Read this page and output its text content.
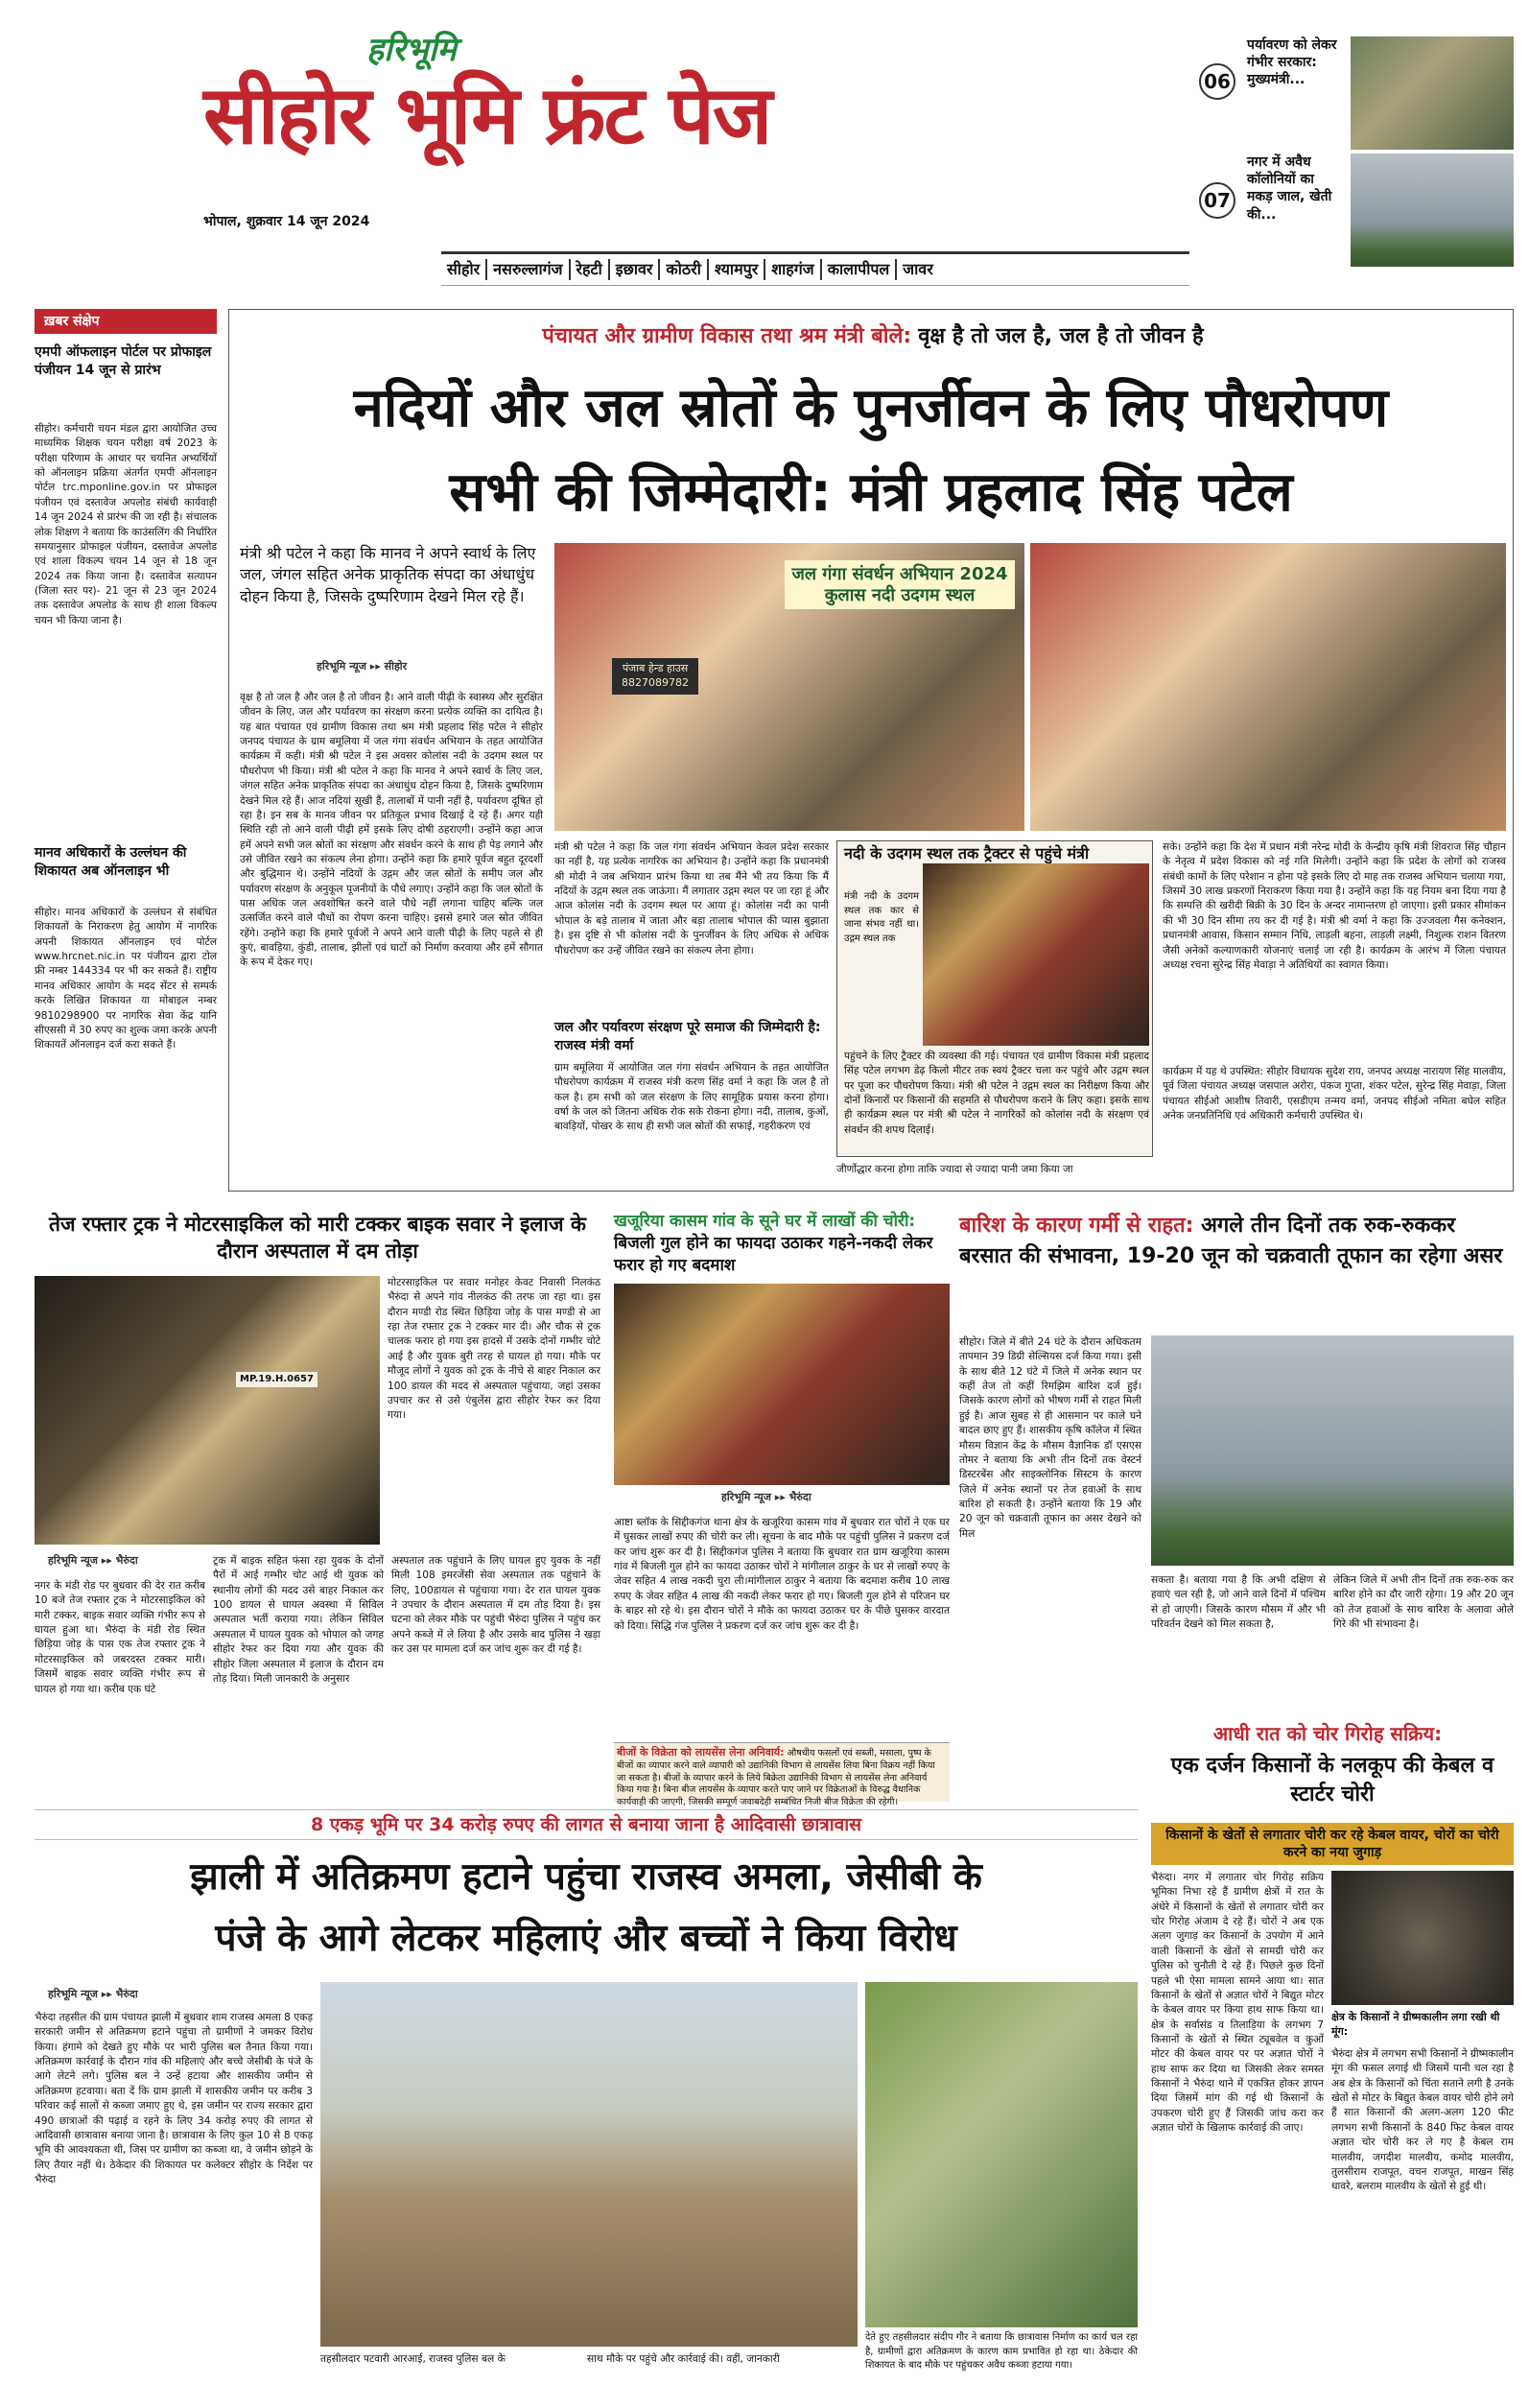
हरिभूमि
सीहोर भूमि फ्रंट पेज
भोपाल, शुक्रवार 14 जून 2024
पर्यावरण को लेकर गंभीर सरकार: मुख्यमंत्री...
06
नगर में अवैध कॉलोनियों का मकड़ जाल, खेती की...
07
सीहोर नसरुल्लागंज रेहटी इछावर कोठरी श्यामपुर शाहगंज कालापीपल जावर
ख़बर संक्षेप
एमपी ऑफलाइन पोर्टल पर प्रोफाइल पंजीयन 14 जून से प्रारंभ
सीहोर। कर्मचारी चयन मंडल द्वारा आयोजित उच्च माध्यमिक शिक्षक चयन परीक्षा वर्ष 2023 के परीक्षा परिणाम के आधार पर चयनित अभ्यर्थियों को ऑनलाइन प्रक्रिया अंतर्गत एमपी ऑनलाइन पोर्टल trc.mponline.gov.in पर प्रोफाइल पंजीयन एवं दस्तावेज अपलोड संबंधी कार्यवाही 14 जून 2024 से प्रारंभ की जा रही है। संचालक लोक शिक्षण ने बताया कि काउंसलिंग की निर्धारित समयानुसार प्रोफाइल पंजीयन, दस्तावेज अपलोड एवं शाला विकल्प चयन 14 जून से 18 जून 2024 तक किया जाना है। दस्तावेज सत्यापन (जिला स्तर पर)- 21 जून से 23 जून 2024 तक दस्तावेज अपलोड के साथ ही शाला विकल्प चयन भी किया जाना है।
मानव अधिकारों के उल्लंघन की शिकायत अब ऑनलाइन भी
सीहोर। मानव अधिकारों के उल्लंघन से संबंधित शिकायतों के निराकरण हेतु आयोग में नागरिक अपनी शिकायत ऑनलाइन एवं पोर्टल www.hrcnet.nic.in पर पंजीयन द्वारा टोल फ्री नम्बर 144334 पर भी कर सकते हैं। राष्ट्रीय मानव अधिकार आयोग के मदद सेंटर से सम्पर्क करके लिखित शिकायत या मोबाइल नम्बर 9810298900 पर नागरिक सेवा केंद्र यानि सीएससी में 30 रुपए का शुल्क जमा करके अपनी शिकायतें ऑनलाइन दर्ज करा सकते हैं।
पंचायत और ग्रामीण विकास तथा श्रम मंत्री बोले: वृक्ष है तो जल है, जल है तो जीवन है
नदियों और जल स्रोतों के पुनर्जीवन के लिए पौधरोपण
सभी की जिम्मेदारी: मंत्री प्रहलाद सिंह पटेल
मंत्री श्री पटेल ने कहा कि मानव ने अपने स्वार्थ के लिए जल, जंगल सहित अनेक प्राकृतिक संपदा का अंधाधुंध दोहन किया है, जिसके दुष्परिणाम देखने मिल रहे हैं।
हरिभूमि न्यूज ▸▸ सीहोर
जल गंगा संवर्धन अभियान 2024 कुलास नदी उदगम स्थल
पंजाब हेन्ड हाउस 8827089782
वृक्ष है तो जल है और जल है तो जीवन है। आने वाली पीढ़ी के स्वास्थ्य और सुरक्षित जीवन के लिए, जल और पर्यावरण का संरक्षण करना प्रत्येक व्यक्ति का दायित्व है। यह बात पंचायत एवं ग्रामीण विकास तथा श्रम मंत्री प्रहलाद सिंह पटेल ने सीहोर जनपद पंचायत के ग्राम बमूलिया में जल गंगा संवर्धन अभियान के तहत आयोजित कार्यक्रम में कही। मंत्री श्री पटेल ने इस अवसर कोलांस नदी के उदगम स्थल पर पौधरोपण भी किया। मंत्री श्री पटेल ने कहा कि मानव ने अपने स्वार्थ के लिए जल, जंगल सहित अनेक प्राकृतिक संपदा का अंधाधुंध दोहन किया है, जिसके दुष्परिणाम देखने मिल रहे हैं। आज नदियां सूखी हैं, तालाबों में पानी नहीं है, पर्यावरण दूषित हो रहा है। इन सब के मानव जीवन पर प्रतिकूल प्रभाव दिखाई दे रहे हैं। अगर यही स्थिति रही तो आने वाली पीढ़ी हमें इसके लिए दोषी ठहराएगी। उन्होंने कहा आज हमें अपने सभी जल स्रोतों का संरक्षण और संवर्धन करने के साथ ही पेड़ लगाने और उसे जीवित रखने का संकल्प लेना होगा। उन्होंने कहा कि हमारे पूर्वज बहुत दूरदर्शी और बुद्धिमान थे। उन्होंने नदियों के उद्गम और जल स्रोतों के समीप जल और पर्यावरण संरक्षण के अनुकूल पूजनीयों के पौधे लगाए। उन्होंने कहा कि जल स्रोतों के पास अधिक जल अवशोषित करने वाले पौधे नहीं लगाना चाहिए बल्कि जल उत्सर्जित करने वाले पौधों का रोपण करना चाहिए। इससे हमारे जल स्रोत जीवित रहेंगे। उन्होंने कहा कि हमारे पूर्वजों ने अपने आने वाली पीढ़ी के लिए पहले से ही कुएं, बावड़िया, कुंडी, तालाब, झीलों एवं घाटों को निर्माण करवाया और हमें सौगात के रूप में देकर गए।
मंत्री श्री पटेल ने कहा कि जल गंगा संवर्धन अभियान केवल प्रदेश सरकार का नहीं है, यह प्रत्येक नागरिक का अभियान है। उन्होंने कहा कि प्रधानमंत्री श्री मोदी ने जब अभियान प्रारंभ किया था तब मैंने भी तय किया कि मैं नदियों के उद्गम स्थल तक जाऊंगा। मैं लगातार उद्गम स्थल पर जा रहा हूं और आज कोलांस नदी के उदगम स्थल पर आया हूं। कोलांस नदी का पानी भोपाल के बड़े तालाब में जाता और बड़ा तालाब भोपाल की प्यास बुझाता है। इस दृष्टि से भी कोलांस नदी के पुनर्जीवन के लिए अधिक से अधिक पौधरोपण कर उन्हें जीवित रखने का संकल्प लेना होगा।
जल और पर्यावरण संरक्षण पूरे समाज की जिम्मेदारी है: राजस्व मंत्री वर्मा
ग्राम बमूलिया में आयोजित जल गंगा संवर्धन अभियान के तहत आयोजित पौधरोपण कार्यक्रम में राजस्व मंत्री करण सिंह वर्मा ने कहा कि जल है तो कल है। हम सभी को जल संरक्षण के लिए सामूहिक प्रयास करना होगा। वर्षा के जल को जितना अधिक रोक सके रोकना होगा। नदी, तालाब, कुओं, बावड़ियों, पोखर के साथ ही सभी जल स्रोतों की सफाई, गहरीकरण एवं
नदी के उदगम स्थल तक ट्रैक्टर से पहुंचे मंत्री
मंत्री नदी के उदगम स्थल तक कार से जाना संभव नहीं था। उद्गम स्थल तक
पहुंचने के लिए ट्रैक्टर की व्यवस्था की गई। पंचायत एवं ग्रामीण विकास मंत्री प्रहलाद सिंह पटेल लगभग डेढ़ किलो मीटर तक स्वयं ट्रैक्टर चला कर पहुंचे और उद्गम स्थल पर पूजा कर पौधरोपण किया। मंत्री श्री पटेल ने उद्गम स्थल का निरीक्षण किया और दोनों किनारों पर किसानों की सहमति से पौधरोपण कराने के लिए कहा। इसके साथ ही कार्यक्रम स्थल पर मंत्री श्री पटेल ने नागरिकों को कोलांस नदी के संरक्षण एवं संवर्धन की शपथ दिलाई।
जीर्णोद्धार करना होगा ताकि ज्यादा से ज्यादा पानी जमा किया जा
सके। उन्होंने कहा कि देश में प्रधान मंत्री नरेन्द्र मोदी के केन्द्रीय कृषि मंत्री शिवराज सिंह चौहान के नेतृत्व में प्रदेश विकास को नई गति मिलेगी। उन्होंने कहा कि प्रदेश के लोगों को राजस्व संबंधी कामों के लिए परेशान न होना पड़े इसके लिए दो माह तक राजस्व अभियान चलाया गया, जिसमें 30 लाख प्रकरणों निराकरण किया गया है। उन्होंने कहा कि यह नियम बना दिया गया है कि सम्पत्ति की खरीदी बिक्री के 30 दिन के अन्दर नामान्तरण हो जाएगा। इसी प्रकार सीमांकन की भी 30 दिन सीमा तय कर दी गई है। मंत्री श्री वर्मा ने कहा कि उज्जवला गैस कनेक्शन, प्रधानमंत्री आवास, किसान सम्मान निधि, लाड़ली बहना, लाड़ली लक्ष्मी, निशुल्क राशन वितरण जैसी अनेकों कल्याणकारी योजनाएं चलाई जा रही है। कार्यक्रम के आरंभ में जिला पंचायत अध्यक्ष रचना सुरेन्द्र सिंह मेवाड़ा ने अतिथियों का स्वागत किया।
कार्यक्रम में यह थे उपस्थित: सीहोर विधायक सुदेश राय, जनपद अध्यक्ष नारायण सिंह मालवीय, पूर्व जिला पंचायत अध्यक्ष जसपाल अरोरा, पंकज गुप्ता, शंकर पटेल, सुरेन्द्र सिंह मेवाड़ा, जिला पंचायत सीईओ आशीष तिवारी, एसडीएम तन्मय वर्मा, जनपद सीईओ नमिता बघेल सहित अनेक जनप्रतिनिधि एवं अधिकारी कर्मचारी उपस्थित थे।
तेज रफ्तार ट्रक ने मोटरसाइकिल को मारी टक्कर बाइक सवार ने इलाज के दौरान अस्पताल में दम तोड़ा
MP.19.H.0657
मोटरसाइकिल पर सवार मनोहर केवट निवासी निलकंठ भैरुंदा से अपने गांव नीलकंठ की तरफ जा रहा था। इस दौरान मण्डी रोड स्थित छिड़िया जोड़ के पास मण्डी से आ रहा तेज रफ्तार ट्रक ने टक्कर मार दी। और चौक से ट्रक चालक फरार हो गया इस हादसे में उसके दोनों गम्भीर चोटे आई है और युवक बुरी तरह से घायल हो गया। मौके पर मौजूद लोगों ने युवक को ट्रक के नीचे से बाहर निकाल कर 100 डायल की मदद से अस्पताल पहुंचाया, जहां उसका उपचार कर से उसे एंबुलेंस द्वारा सीहोर रेफर कर दिया गया।
हरिभूमि न्यूज ▸▸ भैरुंदा
नगर के मंडी रोड पर बुधवार की देर रात करीब 10 बजे तेज रफ्तार ट्रक ने मोटरसाइकिल को मारी टक्कर, बाइक सवार व्यक्ति गंभीर रूप से घायल हुआ था। भैरुंदा के मंडी रोड स्थित छिड़िया जोड़ के पास एक तेज रफ्तार ट्रक ने मोटरसाइकिल को जबरदस्त टक्कर मारी। जिसमें बाइक सवार व्यक्ति गंभीर रूप से घायल हो गया था। करीब एक घंटे
ट्रक में बाइक सहित फंसा रहा युवक के दोनों पैरों में आई गम्भीर चोट आई थी युवक को स्थानीय लोगों की मदद उसे बाहर निकाल कर 100 डायल से घायल अवस्था में सिविल अस्पताल भर्ती कराया गया। लेकिन सिविल अस्पताल में घायल युवक को भोपाल को जगह सीहोर रेफर कर दिया गया और युवक की सीहोर जिला अस्पताल में इलाज के दौरान दम तोड़ दिया। मिली जानकारी के अनुसार
अस्पताल तक पहुंचाने के लिए घायल हुए युवक के नहीं मिली 108 इमरजेंसी सेवा अस्पताल तक पहुंचाने के लिए, 100डायल से पहुंचाया गया। देर रात घायल युवक ने उपचार के दौरान अस्पताल में दम तोड़ दिया है। इस घटना को लेकर मौके पर पहुंची भैरुंदा पुलिस ने पहुंच कर अपने कब्जे में ले लिया है और उसके बाद पुलिस ने खड़ा कर उस पर मामला दर्ज कर जांच शुरू कर दी गई है।
खजूरिया कासम गांव के सूने घर में लाखों की चोरी: बिजली गुल होने का फायदा उठाकर गहने-नकदी लेकर फरार हो गए बदमाश
हरिभूमि न्यूज ▸▸ भैरुंदा
आष्टा ब्लॉक के सिद्दीकगंज थाना क्षेत्र के खजूरिया कासम गांव में बुधवार रात चोरों ने एक घर में घुसकर लाखों रुपए की चोरी कर ली। सूचना के बाद मौके पर पहुंची पुलिस ने प्रकरण दर्ज कर जांच शुरू कर दी है। सिद्दीकगंज पुलिस ने बताया कि बुधवार रात ग्राम खजूरिया कासम गांव में बिजली गुल होने का फायदा उठाकर चोरों ने मांगीलाल ठाकुर के घर से लाखों रुपए के जेवर सहित 4 लाख नकदी चुरा ली।मांगीलाल ठाकुर ने बताया कि बदमाश करीब 10 लाख रुपए के जेवर सहित 4 लाख की नकदी लेकर फरार हो गए। बिजली गुल होने से परिजन घर के बाहर सो रहे थे। इस दौरान चोरों ने मौके का फायदा उठाकर घर के पीछे घुसकर वारदात को दिया। सिद्धि गंज पुलिस ने प्रकरण दर्ज कर जांच शुरू कर दी है।
बीजों के विक्रेता को लायसेंस लेना अनिवार्य: औषधीय फसलों एवं सब्जी, मसाला, पुष्प के बीजों का व्यापार करने वाले व्यापारी को उद्यानिकी विभाग से लायसेंस लिया बिना विक्रय नहीं किया जा सकता है। बीजों के व्यापार करने के लिये बिक्रेता उद्यानिकी विभाग से लायसेंस लेना अनिवार्य किया गया है। बिना बीज लायसेंस के व्यापार करते पाए जाने पर विक्रेताओं के विरुद्ध वैधानिक कार्यवाही की जाएगी, जिसकी सम्पूर्ण जवाबदेही सम्बंधित निजी बीज विक्रेता की रहेगी।
बारिश के कारण गर्मी से राहत: अगले तीन दिनों तक रुक-रुककर बरसात की संभावना, 19-20 जून को चक्रवाती तूफान का रहेगा असर
सीहोर। जिले में बीते 24 घंटे के दौरान अधिकतम तापमान 39 डिग्री सेल्सियस दर्ज किया गया। इसी के साथ बीते 12 घंटे में जिले में अनेक स्थान पर कहीं तेज तो कहीं रिमझिम बारिश दर्ज हुई। जिसके कारण लोगों को भीषण गर्मी से राहत मिली हुई है। आज सुबह से ही आसमान पर काले घने बादल छाए हुए हैं। शासकीय कृषि कॉलेज में स्थित मौसम विज्ञान केंद्र के मौसम वैज्ञानिक डॉ एसएस तोमर ने बताया कि अभी तीन दिनों तक वेस्टर्न डिस्टरबेंस और साइक्लोनिक सिस्टम के कारण जिले में अनेक स्थानों पर तेज हवाओं के साथ बारिश हो सकती है। उन्होंने बताया कि 19 और 20 जून को चक्रवाती तूफान का असर देखने को मिल
सकता है। बताया गया है कि अभी दक्षिण से हवाएं चल रही है, जो आने वाले दिनों में पश्चिम से हो जाएगी। जिसके कारण मौसम में और भी परिवर्तन देखने को मिल सकता है,
लेकिन जिले में अभी तीन दिनों तक रुक-रुक कर बारिश होने का दौर जारी रहेगा। 19 और 20 जून को तेज हवाओं के साथ बारिश के अलावा ओले गिरे की भी संभावना है।
आधी रात को चोर गिरोह सक्रिय:
एक दर्जन किसानों के नलकूप की केबल व स्टार्टर चोरी
किसानों के खेतों से लगातार चोरी कर रहे केबल वायर, चोरों का चोरी करने का नया जुगाड़
भैरुंदा। नगर में लगातार चोर गिरोह सक्रिय भूमिका निभा रहे हैं ग्रामीण क्षेत्रों में रात के अंधेरे में किसानों के खेतों से लगातार चोरी कर चोर गिरोह अंजाम दे रहे हैं। चोरों ने अब एक अलग जुगाड़ कर किसानों के उपयोग में आने वाली किसानों के खेतों से सामग्री चोरी कर पुलिस को चुनौती दे रहे हैं। पिछले कुछ दिनों पहले भी ऐसा मामला सामने आया था। सात किसानों के खेतों से अज्ञात चोरों ने बिद्युत मोटर के केबल वायर पर किया हाथ साफ किया था। क्षेत्र के सर्वासंड व तिलाड़िया के लगभग 7 किसानों के खेतों से स्थित ट्यूबवेल व कुओं मोटर की केबल वायर पर पर अज्ञात चोरों ने हाथ साफ कर दिया था जिसकी लेकर समस्त किसानों ने भैरुंदा थाने में एकत्रित होकर ज्ञापन दिया जिसमें मांग की गई थी किसानों के उपकरण चोरी हुए हैं जिसकी जांच करा कर अज्ञात चोरों के खिलाफ कार्रवाई की जाए।
क्षेत्र के किसानों ने ग्रीष्मकालीन लगा रखी थी मूंग:
भैरुंदा क्षेत्र में लगभग सभी किसानों ने ग्रीष्मकालीन मूंग की फसल लगाई थी जिसमें पानी चल रहा है अब क्षेत्र के किसानों को चिंता सताने लगी है उनके खेतों से मोटर के बिद्युत केबल वायर चोरी होने लगे हैं सात किसानों की अलग-अलग 120 फीट लगभग सभी किसानों के 840 फिट केबल वायर अज्ञात चोर चोरी कर ले गए है केबल राम मालवीय, जगदीश मालवीय, कमोद मालवीय, तुलसीराम राजपूत, वचन राजपूत, माखन सिंह धावरे, बलराम मालवीय के खेतों से हुई थी।
8 एकड़ भूमि पर 34 करोड़ रुपए की लागत से बनाया जाना है आदिवासी छात्रावास
झाली में अतिक्रमण हटाने पहुंचा राजस्व अमला, जेसीबी के
पंजे के आगे लेटकर महिलाएं और बच्चों ने किया विरोध
हरिभूमि न्यूज ▸▸ भैरुंदा
भैरुंदा तहसील की ग्राम पंचायत झाली में बुधवार शाम राजस्व अमला 8 एकड़ सरकारी जमीन से अतिक्रमण हटाने पहुंचा तो ग्रामीणों ने जमकर विरोध किया। हंगामे को देखते हुए मौके पर भारी पुलिस बल तैनात किया गया। अतिक्रमण कार्रवाई के दौरान गांव की महिलाएं और बच्चे जेसीबी के पंजे के आगे लेटने लगे। पुलिस बल ने उन्हें हटाया और शासकीय जमीन से अतिक्रमण हटवाया। बता दें कि ग्राम झाली में शासकीय जमीन पर करीब 3 परिवार कई सालों से कब्जा जमाए हुए थे, इस जमीन पर राज्य सरकार द्वारा 490 छात्राओं की पढ़ाई व रहने के लिए 34 करोड़ रुपए की लागत से आदिवासी छात्रावास बनाया जाना है। छात्रावास के लिए कुल 10 से 8 एकड़ भूमि की आवश्यकता थी, जिस पर ग्रामीण का कब्जा था, वे जमीन छोड़ने के लिए तैयार नहीं थे। ठेकेदार की शिकायत पर कलेक्टर सीहोर के निर्देश पर भैरुंदा
तहसीलदार पटवारी आरआई, राजस्व पुलिस बल के	साथ मौके पर पहुंचे और कार्रवाई की। वहीं, जानकारी
देते हुए तहसीलदार संदीप गौर ने बताया कि छात्रावास निर्माण का कार्य चल रहा है, ग्रामीणों द्वारा अतिक्रमण के कारण काम प्रभावित हो रहा था। ठेकेदार की शिकायत के बाद मौके पर पहुंचकर अवैध कब्जा हटाया गया।
